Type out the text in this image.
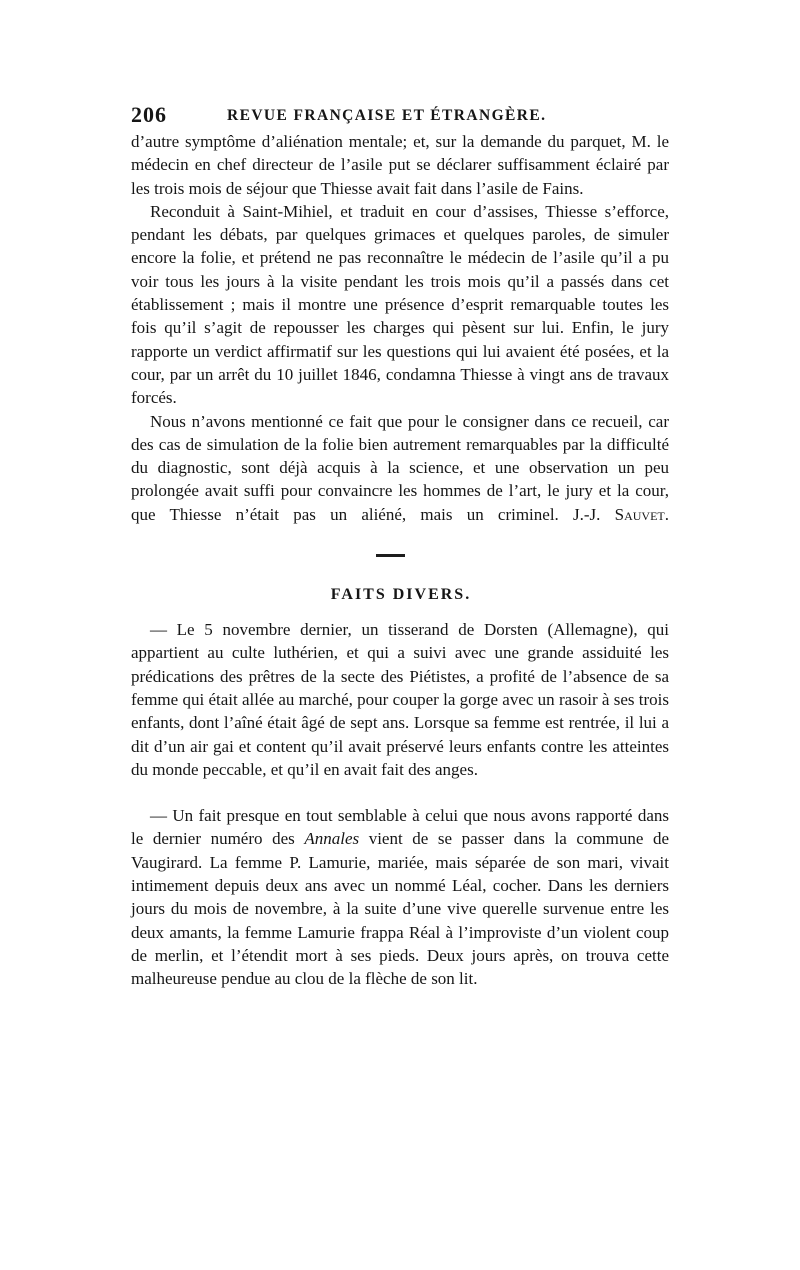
206	REVUE FRANÇAISE ET ÉTRANGÈRE.

d’autre symptôme d’aliénation mentale; et, sur la demande du parquet, M. le médecin en chef directeur de l’asile put se déclarer suffisamment éclairé par les trois mois de séjour que Thiesse avait fait dans l’asile de Fains.

Reconduit à Saint-Mihiel, et traduit en cour d’assises, Thiesse s’efforce, pendant les débats, par quelques grimaces et quelques paroles, de simuler encore la folie, et prétend ne pas reconnaître le médecin de l’asile qu’il a pu voir tous les jours à la visite pendant les trois mois qu’il a passés dans cet établissement ; mais il montre une présence d’esprit remarquable toutes les fois qu’il s’agit de repousser les charges qui pèsent sur lui. Enfin, le jury rapporte un verdict affirmatif sur les questions qui lui avaient été posées, et la cour, par un arrêt du 10 juillet 1846, condamna Thiesse à vingt ans de travaux forcés.

Nous n’avons mentionné ce fait que pour le consigner dans ce recueil, car des cas de simulation de la folie bien autrement remarquables par la difficulté du diagnostic, sont déjà acquis à la science, et une observation un peu prolongée avait suffi pour convaincre les hommes de l’art, le jury et la cour, que Thiesse n’était pas un aliéné, mais un criminel. J.-J. Sauvet.

FAITS DIVERS.

— Le 5 novembre dernier, un tisserand de Dorsten (Allemagne), qui appartient au culte luthérien, et qui a suivi avec une grande assiduité les prédications des prêtres de la secte des Piétistes, a profité de l’absence de sa femme qui était allée au marché, pour couper la gorge avec un rasoir à ses trois enfants, dont l’aîné était âgé de sept ans. Lorsque sa femme est rentrée, il lui a dit d’un air gai et content qu’il avait préservé leurs enfants contre les atteintes du monde peccable, et qu’il en avait fait des anges.

— Un fait presque en tout semblable à celui que nous avons rapporté dans le dernier numéro des Annales vient de se passer dans la commune de Vaugirard. La femme P. Lamurie, mariée, mais séparée de son mari, vivait intimement depuis deux ans avec un nommé Léal, cocher. Dans les derniers jours du mois de novembre, à la suite d’une vive querelle survenue entre les deux amants, la femme Lamurie frappa Réal à l’improviste d’un violent coup de merlin, et l’étendit mort à ses pieds. Deux jours après, on trouva cette malheureuse pendue au clou de la flèche de son lit.
